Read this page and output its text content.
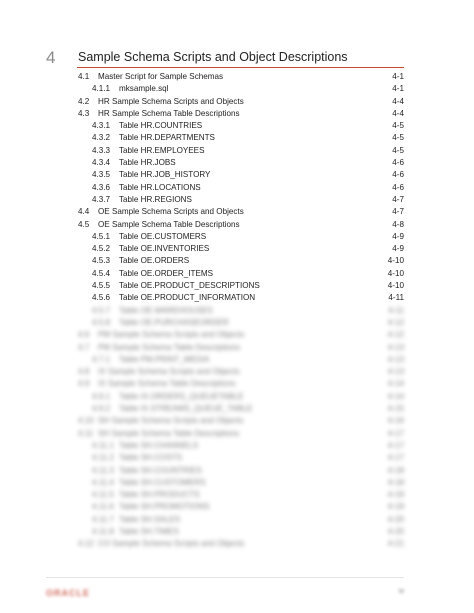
4 Sample Schema Scripts and Object Descriptions
4.1 Master Script for Sample Schemas	4-1
4.1.1 mksample.sql	4-1
4.2 HR Sample Schema Scripts and Objects	4-4
4.3 HR Sample Schema Table Descriptions	4-4
4.3.1 Table HR.COUNTRIES	4-5
4.3.2 Table HR.DEPARTMENTS	4-5
4.3.3 Table HR.EMPLOYEES	4-5
4.3.4 Table HR.JOBS	4-6
4.3.5 Table HR.JOB_HISTORY	4-6
4.3.6 Table HR.LOCATIONS	4-6
4.3.7 Table HR.REGIONS	4-7
4.4 OE Sample Schema Scripts and Objects	4-7
4.5 OE Sample Schema Table Descriptions	4-8
4.5.1 Table OE.CUSTOMERS	4-9
4.5.2 Table OE.INVENTORIES	4-9
4.5.3 Table OE.ORDERS	4-10
4.5.4 Table OE.ORDER_ITEMS	4-10
4.5.5 Table OE.PRODUCT_DESCRIPTIONS	4-10
4.5.6 Table OE.PRODUCT_INFORMATION	4-11
4.5.7 Table OE.WAREHOUSES	4-11
4.5.8 Table OE.PURCHASEORDER	4-12
4.6 PM Sample Schema Scripts and Objects	4-12
4.7 PM Sample Schema Table Descriptions	4-13
4.7.1 Table PM.PRINT_MEDIA	4-13
4.8 IX Sample Schema Scripts and Objects	4-13
4.9 IX Sample Schema Table Descriptions	4-14
4.9.1 Table IX.ORDERS_QUEUETABLE	4-14
4.9.2 Table IX.STREAMS_QUEUE_TABLE	4-15
4.10 SH Sample Schema Scripts and Objects	4-16
4.11 SH Sample Schema Table Descriptions	4-17
4.11.1 Table SH.CHANNELS	4-17
4.11.2 Table SH.COSTS	4-17
4.11.3 Table SH.COUNTRIES	4-18
4.11.4 Table SH.CUSTOMERS	4-18
4.11.5 Table SH.PRODUCTS	4-19
4.11.6 Table SH.PROMOTIONS	4-19
4.11.7 Table SH.SALES	4-20
4.11.8 Table SH.TIMES	4-20
4.12 CO Sample Schema Scripts and Objects	4-21
ORACLE	iv
